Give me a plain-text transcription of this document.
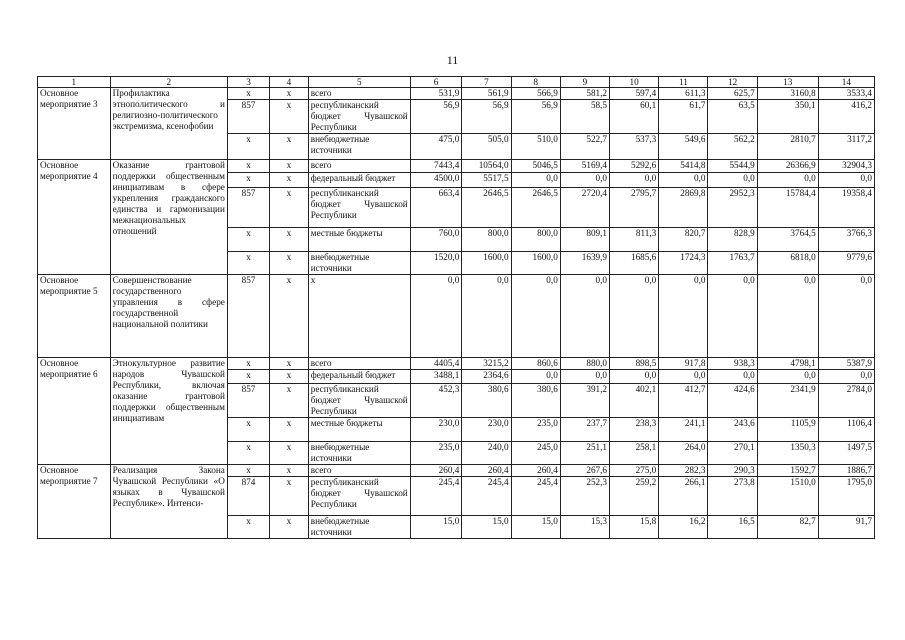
11
1	2	3	4	5	6	7	8	9	10	11	12	13	14
Основное мероприятие 3	Профилактика этнополитического и религиозно-политического экстремизма, ксенофобии	x	x	всего	531,9	561,9	566,9	581,2	597,4	611,3	625,7	3160,8	3533,4
		857	x	республиканский бюджет Чувашской Республики	56,9	56,9	56,9	58,5	60,1	61,7	63,5	350,1	416,2
		x	x	внебюджетные источники	475,0	505,0	510,0	522,7	537,3	549,6	562,2	2810,7	3117,2
Основное мероприятие 4	Оказание грантовой поддержки общественным инициативам в сфере укрепления гражданского единства и гармонизации межнациональных отношений	x	x	всего	7443,4	10564,0	5046,5	5169,4	5292,6	5414,8	5544,9	26366,9	32904,3
		x	x	федеральный бюджет	4500,0	5517,5	0,0	0,0	0,0	0,0	0,0	0,0	0,0
		857	x	республиканский бюджет Чувашской Республики	663,4	2646,5	2646,5	2720,4	2795,7	2869,8	2952,3	15784,4	19358,4
		x	x	местные бюджеты	760,0	800,0	800,0	809,1	811,3	820,7	828,9	3764,5	3766,3
		x	x	внебюджетные источники	1520,0	1600,0	1600,0	1639,9	1685,6	1724,3	1763,7	6818,0	9779,6
Основное мероприятие 5	Совершенствование государственного управления в сфере государственной национальной политики	857	x	x	0,0	0,0	0,0	0,0	0,0	0,0	0,0	0,0	0,0
Основное мероприятие 6	Этнокультурное развитие народов Чувашской Республики, включая оказание грантовой поддержки общественным инициативам	x	x	всего	4405,4	3215,2	860,6	880,0	898,5	917,8	938,3	4798,1	5387,9
		x	x	федеральный бюджет	3488,1	2364,6	0,0	0,0	0,0	0,0	0,0	0,0	0,0
		857	x	республиканский бюджет Чувашской Республики	452,3	380,6	380,6	391,2	402,1	412,7	424,6	2341,9	2784,0
		x	x	местные бюджеты	230,0	230,0	235,0	237,7	238,3	241,1	243,6	1105,9	1106,4
		x	x	внебюджетные источники	235,0	240,0	245,0	251,1	258,1	264,0	270,1	1350,3	1497,5
Основное мероприятие 7	Реализация Закона Чувашской Республики «О языках в Чувашской Республике». Интенси-	x	x	всего	260,4	260,4	260,4	267,6	275,0	282,3	290,3	1592,7	1886,7
		874	x	республиканский бюджет Чувашской Республики	245,4	245,4	245,4	252,3	259,2	266,1	273,8	1510,0	1795,0
		x	x	внебюджетные источники	15,0	15,0	15,0	15,3	15,8	16,2	16,5	82,7	91,7
